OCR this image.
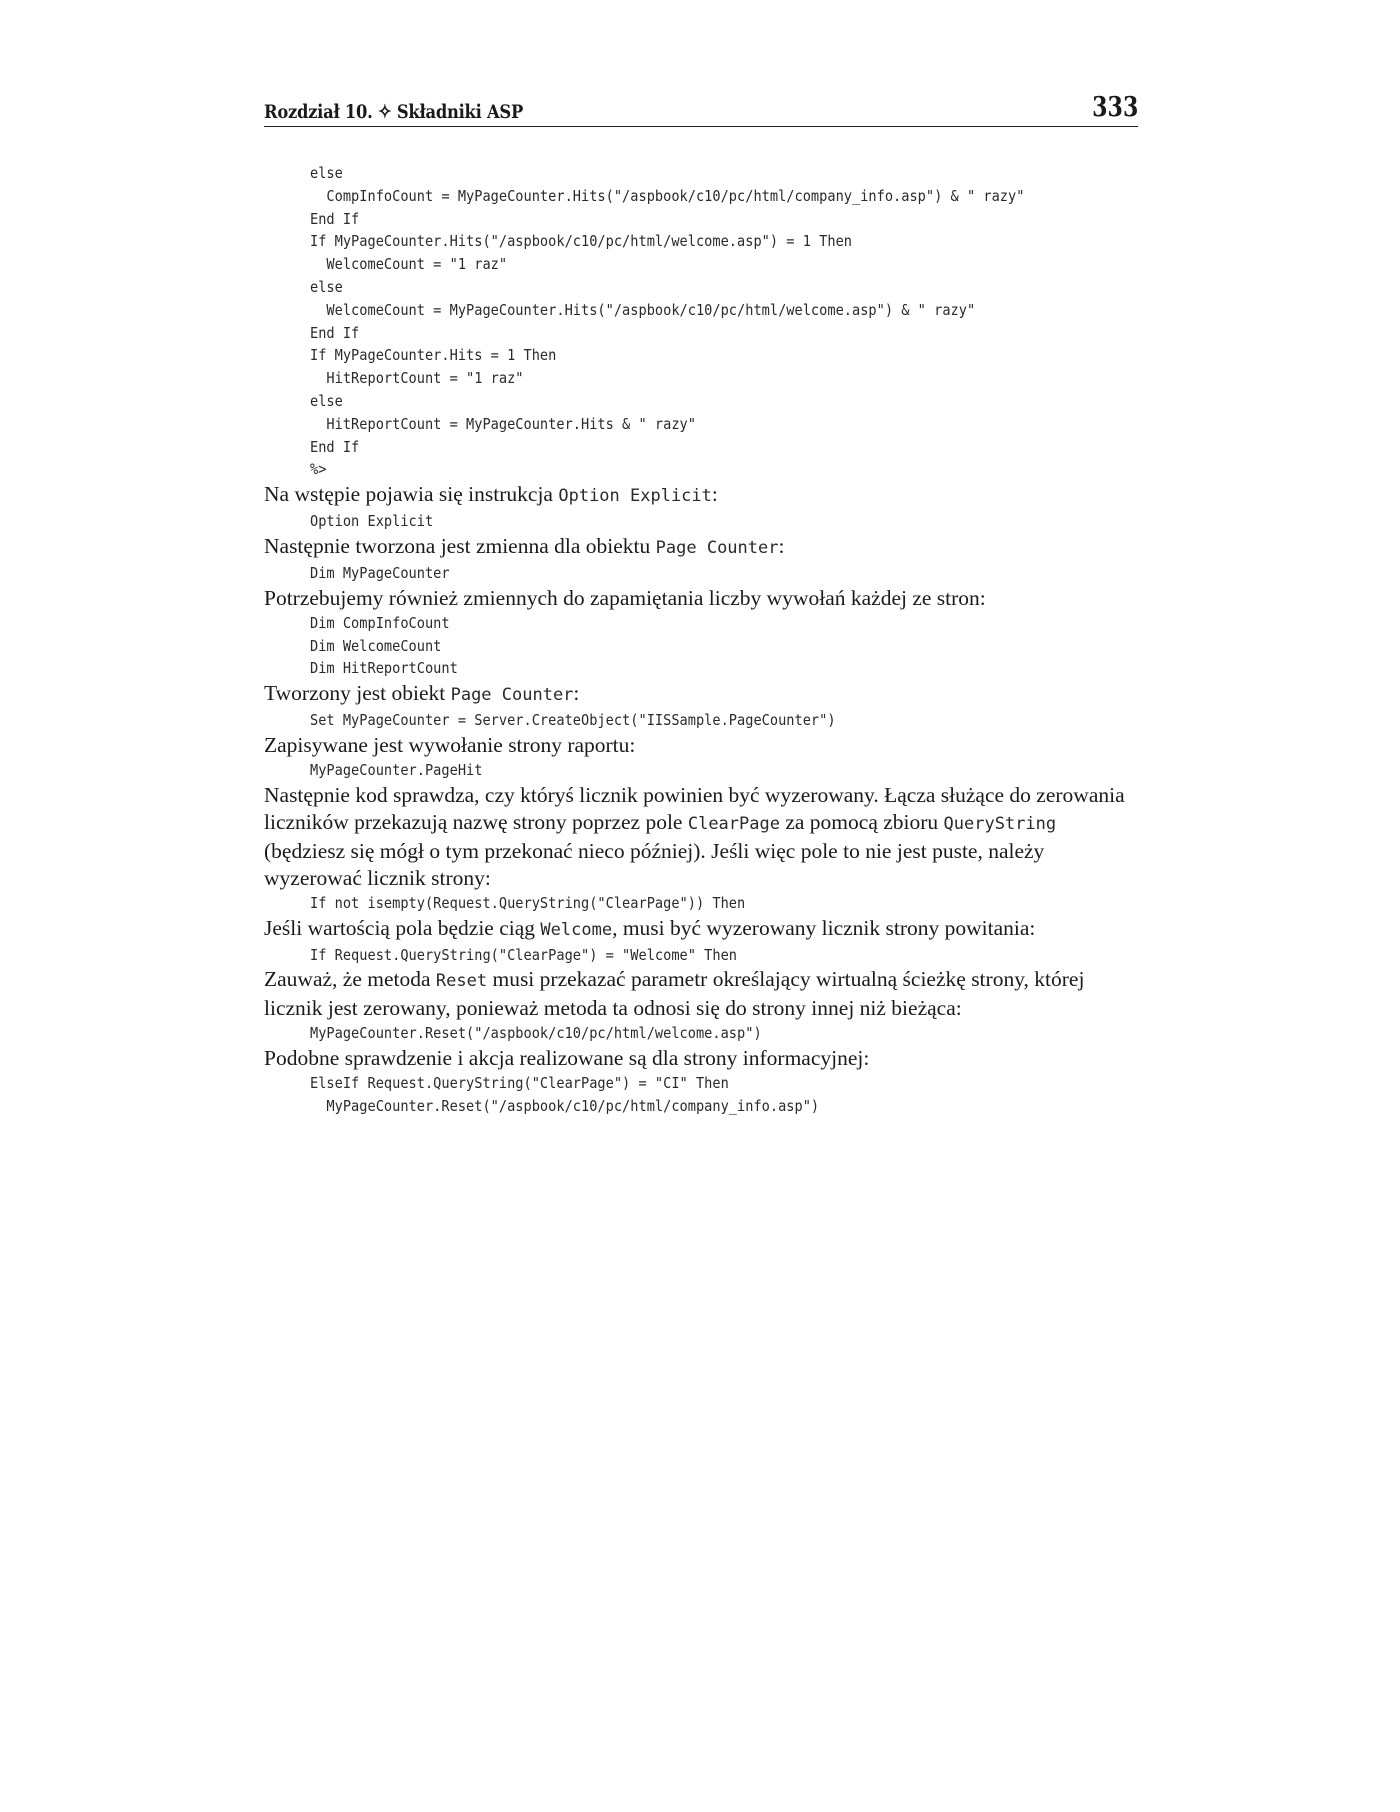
Rozdział 10. ✧ Składniki ASP	333
else
CompInfoCount = MyPageCounter.Hits("/aspbook/c10/pc/html/company_info.asp") & " razy"
End If
If MyPageCounter.Hits("/aspbook/c10/pc/html/welcome.asp") = 1 Then
WelcomeCount = "1 raz"
else
WelcomeCount = MyPageCounter.Hits("/aspbook/c10/pc/html/welcome.asp") & " razy"
End If
If MyPageCounter.Hits = 1 Then
HitReportCount = "1 raz"
else
HitReportCount = MyPageCounter.Hits & " razy"
End If
%>

Na wstępie pojawia się instrukcja Option Explicit:

Option Explicit

Następnie tworzona jest zmienna dla obiektu Page Counter:

Dim MyPageCounter

Potrzebujemy również zmiennych do zapamiętania liczby wywołań każdej ze stron:

Dim CompInfoCount
Dim WelcomeCount
Dim HitReportCount

Tworzony jest obiekt Page Counter:

Set MyPageCounter = Server.CreateObject("IISSample.PageCounter")

Zapisywane jest wywołanie strony raportu:

MyPageCounter.PageHit

Następnie kod sprawdza, czy któryś licznik powinien być wyzerowany. Łącza służące do zerowania liczników przekazują nazwę strony poprzez pole ClearPage za pomocą zbioru QueryString (będziesz się mógł o tym przekonać nieco później). Jeśli więc pole to nie jest puste, należy wyzerować licznik strony:

If not isempty(Request.QueryString("ClearPage")) Then

Jeśli wartością pola będzie ciąg Welcome, musi być wyzerowany licznik strony powitania:

If Request.QueryString("ClearPage") = "Welcome" Then

Zauważ, że metoda Reset musi przekazać parametr określający wirtualną ścieżkę strony, której licznik jest zerowany, ponieważ metoda ta odnosi się do strony innej niż bieżąca:

MyPageCounter.Reset("/aspbook/c10/pc/html/welcome.asp")

Podobne sprawdzenie i akcja realizowane są dla strony informacyjnej:

ElseIf Request.QueryString("ClearPage") = "CI" Then
MyPageCounter.Reset("/aspbook/c10/pc/html/company_info.asp")
